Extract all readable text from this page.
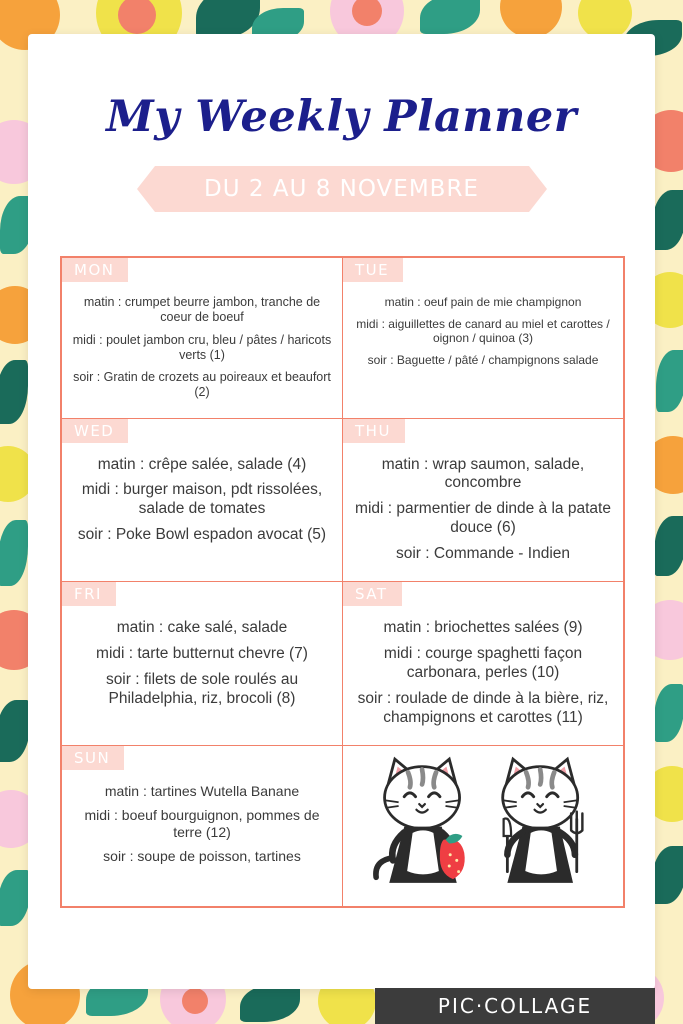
My Weekly Planner
DU 2 AU 8 NOVEMBRE
MON
matin : crumpet beurre jambon, tranche de coeur de boeuf
midi : poulet jambon cru, bleu / pâtes / haricots verts (1)
soir : Gratin de crozets au poireaux et beaufort (2)
	TUE
matin : oeuf pain de mie champignon
midi : aiguillettes de canard au miel et carottes / oignon / quinoa (3)
soir : Baguette / pâté / champignons salade

WED
matin : crêpe salée, salade (4)
midi : burger maison, pdt rissolées, salade de tomates
soir : Poke Bowl espadon avocat (5)
	THU
matin : wrap saumon, salade, concombre
midi : parmentier de dinde à la patate douce (6)
soir : Commande - Indien

FRI
matin : cake salé, salade
midi : tarte butternut chevre (7)
soir : filets de sole roulés au Philadelphia, riz, brocoli (8)
	SAT
matin : briochettes salées (9)
midi : courge spaghetti façon carbonara, perles (10)
soir : roulade de dinde à la bière, riz, champignons et carottes (11)

SUN
matin : tartines Wutella Banane
midi : boeuf bourguignon, pommes de terre (12)
soir : soupe de poisson, tartines

PIC·COLLAGE
